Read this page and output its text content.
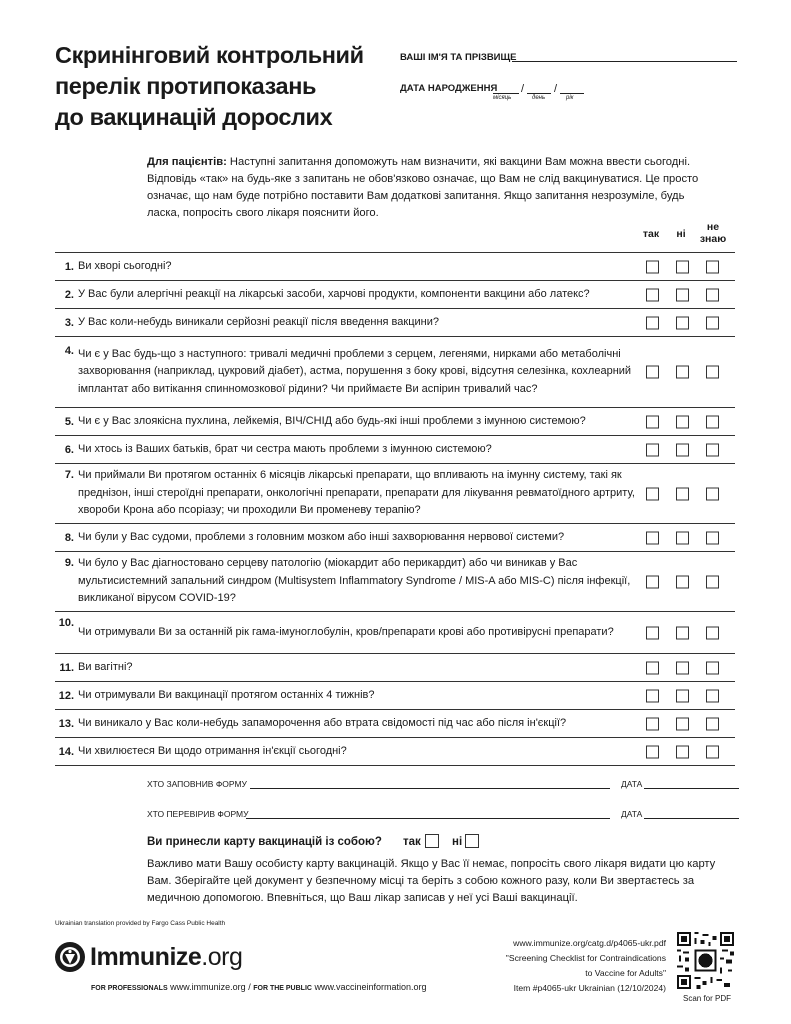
Скринінговий контрольний
перелік протипоказань
до вакцинацій дорослих
ВАШІ ІМ'Я ТА ПРІЗВИЩЕ
ДАТА НАРОДЖЕННЯ /	/
місяць	день	рік
Для пацієнтів: Наступні запитання допоможуть нам визначити, які вакцини Вам можна ввести сьогодні. Відповідь «так» на будь-яке з запитань не обов'язково означає, що Вам не слід вакцинуватися. Це просто означає, що нам буде потрібно поставити Вам додаткові запитання. Якщо запитання незрозуміле, будь ласка, попросіть свого лікаря пояснити його.
так	ні
не
знаю
1. Ви хворі сьогодні?
2. У Вас були алергічні реакції на лікарські засоби, харчові продукти, компоненти вакцини або латекс?
3. У Вас коли-небудь виникали серйозні реакції після введення вакцини?
4. Чи є у Вас будь-що з наступного: тривалі медичні проблеми з серцем, легенями, нирками або метаболічні захворювання (наприклад, цукровий діабет), астма, порушення з боку крові, відсутня селезінка, кохлеарний імплантат або витікання спинномозкової рідини? Чи приймаєте Ви аспірин тривалий час?
5. Чи є у Вас злоякісна пухлина, лейкемія, ВІЧ/СНІД або будь-які інші проблеми з імунною системою?
6. Чи хтось із Ваших батьків, брат чи сестра мають проблеми з імунною системою?
7. Чи приймали Ви протягом останніх 6 місяців лікарські препарати, що впливають на імунну систему, такі як преднізон, інші стероїдні препарати, онкологічні препарати, препарати для лікування ревматоїдного артриту, хвороби Крона або псоріазу; чи проходили Ви променеву терапію?
8. Чи були у Вас судоми, проблеми з головним мозком або інші захворювання нервової системи?
9. Чи було у Вас діагностовано серцеву патологію (міокардит або перикардит) або чи виникав у Вас мультисистемний запальний синдром (Multisystem Inflammatory Syndrome / MIS-A або MIS-C) після інфекції, викликаної вірусом COVID-19?
10.
Чи отримували Ви за останній рік гама-імуноглобулін, кров/препарати крові або противірусні препарати?
11. Ви вагітні?
12. Чи отримували Ви вакцинації протягом останніх 4 тижнів?
13. Чи виникало у Вас коли-небудь запаморочення або втрата свідомості під час або після ін'єкції?
14. Чи хвилюєтеся Ви щодо отримання ін'єкції сьогодні?
ХТО ЗАПОВНИВ ФОРМУ	ДАТА
ХТО ПЕРЕВІРИВ ФОРМУ	ДАТА
Ви принесли карту вакцинацій із собою? так	ні
Важливо мати Вашу особисту карту вакцинацій. Якщо у Вас її немає, попросіть свого лікаря видати цю карту Вам. Зберігайте цей документ у безпечному місці та беріть з собою кожного разу, коли Ви звертаєтесь за медичною допомогою. Впевніться, що Ваш лікар записав у неї усі Ваші вакцинації.
Ukrainian translation provided by Fargo Cass Public Health
Immunize.org
FOR PROFESSIONALS www.immunize.org / FOR THE PUBLIC www.vaccineinformation.org
www.immunize.org/catg.d/p4065-ukr.pdf
"Screening Checklist for Contraindications
to Vaccine for Adults"
Item #p4065-ukr Ukrainian (12/10/2024)
Scan for PDF
